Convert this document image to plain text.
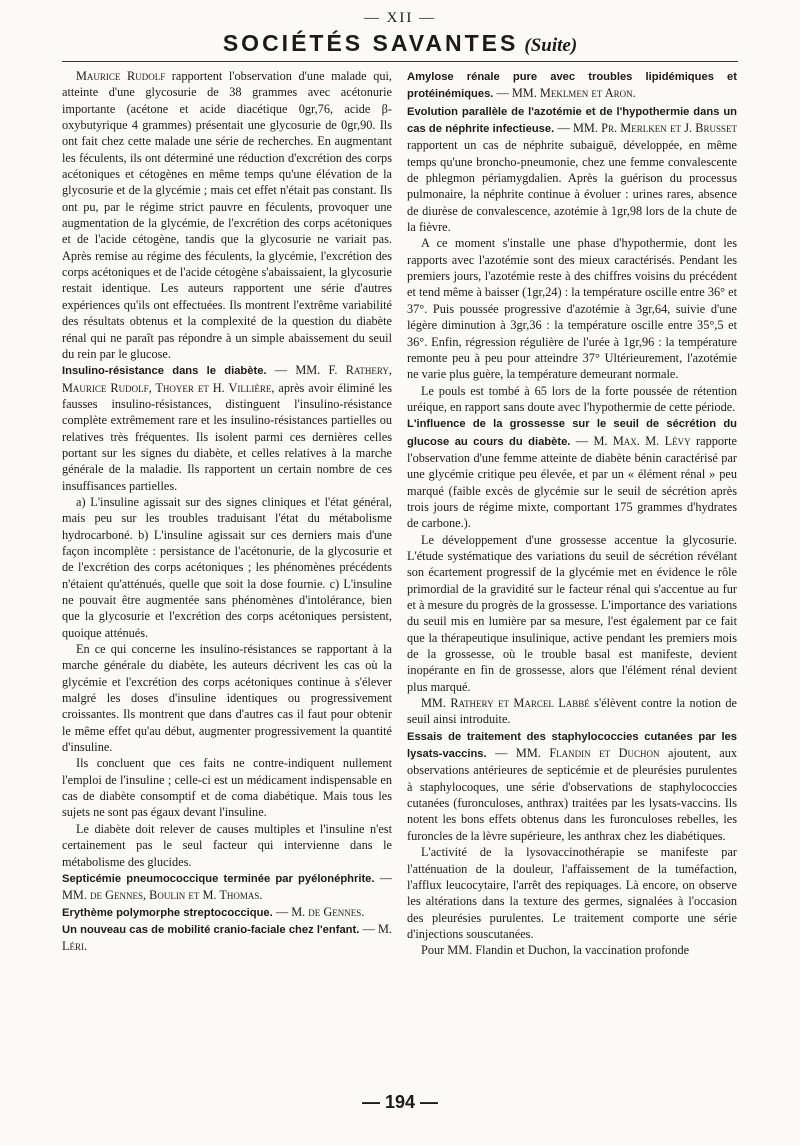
— XII —
SOCIÉTÉS SAVANTES (Suite)

Maurice Rudolf rapportent l'observation d'une malade qui, atteinte d'une glycosurie de 38 grammes avec acétonurie importante (acétone et acide diacétique 0gr,76, acide β-oxybutyrique 4 grammes) présentait une glycosurie de 0gr,90. Ils ont fait chez cette malade une série de recherches. En augmentant les féculents, ils ont déterminé une réduction d'excrétion des corps acétoniques et cétogènes en même temps qu'une élévation de la glycosurie et de la glycémie ; mais cet effet n'était pas constant. Ils ont pu, par le régime strict pauvre en féculents, provoquer une augmentation de la glycémie, de l'excrétion des corps acétoniques et de l'acide cétogène, tandis que la glycosurie ne variait pas. Après remise au régime des féculents, la glycémie, l'excrétion des corps acétoniques et de l'acide cétogène s'abaissaient, la glycosurie restait identique. Les auteurs rapportent une série d'autres expériences qu'ils ont effectuées. Ils montrent l'extrême variabilité des résultats obtenus et la complexité de la question du diabète rénal qui ne paraît pas répondre à un simple abaissement du seuil du rein par le glucose.

Insulino-résistance dans le diabète. — MM. F. Rathery, Maurice Rudolf, Thoyer et H. Villière, après avoir éliminé les fausses insulino-résistances, distinguent l'insulino-résistance complète extrêmement rare et les insulino-résistances partielles ou relatives très fréquentes. Ils isolent parmi ces dernières celles portant sur les signes du diabète, et celles relatives à la marche générale de la maladie. Ils rapportent un certain nombre de ces insuffisances partielles.

a) L'insuline agissait sur des signes cliniques et l'état général, mais peu sur les troubles traduisant l'état du métabolisme hydrocarboné. b) L'insuline agissait sur ces derniers mais d'une façon incomplète : persistance de l'acétonurie, de la glycosurie et de l'excrétion des corps acétoniques ; les phénomènes précédents n'étaient qu'atténués, quelle que soit la dose fournie. c) L'insuline ne pouvait être augmentée sans phénomènes d'intolérance, bien que la glycosurie et l'excrétion des corps acétoniques persistent, quoique atténués.

En ce qui concerne les insulino-résistances se rapportant à la marche générale du diabète, les auteurs décrivent les cas où la glycémie et l'excrétion des corps acétoniques continue à s'élever malgré les doses d'insuline identiques ou progressivement croissantes. Ils montrent que dans d'autres cas il faut pour obtenir le même effet qu'au début, augmenter progressivement la quantité d'insuline.

Ils concluent que ces faits ne contre-indiquent nullement l'emploi de l'insuline ; celle-ci est un médicament indispensable en cas de diabète consomptif et de coma diabétique. Mais tous les sujets ne sont pas égaux devant l'insuline.

Le diabète doit relever de causes multiples et l'insuline n'est certainement pas le seul facteur qui intervienne dans le métabolisme des glucides.

Septicémie pneumococcique terminée par pyélonéphrite. — MM. de Gennes, Boulin et M. Thomas.

Erythème polymorphe streptococcique. — M. de Gennes.

Un nouveau cas de mobilité cranio-faciale chez l'enfant. — M. Léri.

Amylose rénale pure avec troubles lipidémiques et protéinémiques. — MM. Meklmen et Aron.

Evolution parallèle de l'azotémie et de l'hypothermie dans un cas de néphrite infectieuse. — MM. Pr. Merlken et J. Brusset rapportent un cas de néphrite subaiguë, développée, en même temps qu'une broncho-pneumonie, chez une femme convalescente de phlegmon périamygdalien. Après la guérison du processus pulmonaire, la néphrite continue à évoluer : urines rares, absence de diurèse de convalescence, azotémie à 1gr,98 lors de la chute de la fièvre.

A ce moment s'installe une phase d'hypothermie, dont les rapports avec l'azotémie sont des mieux caractérisés. Pendant les premiers jours, l'azotémie reste à des chiffres voisins du précédent et tend même à baisser (1gr,24) : la température oscille entre 36° et 37°. Puis poussée progressive d'azotémie à 3gr,64, suivie d'une légère diminution à 3gr,36 : la température oscille entre 35°,5 et 36°. Enfin, régression régulière de l'urée à 1gr,96 : la température remonte peu à peu pour atteindre 37° Ultérieurement, l'azotémie ne varie plus guère, la température demeurant normale.

Le pouls est tombé à 65 lors de la forte poussée de rétention uréique, en rapport sans doute avec l'hypothermie de cette période.

L'influence de la grossesse sur le seuil de sécrétion du glucose au cours du diabète. — M. Max. M. Lévy rapporte l'observation d'une femme atteinte de diabète bénin caractérisé par une glycémie critique peu élevée, et par un « élément rénal » peu marqué (faible excès de glycémie sur le seuil de sécrétion après trois jours de régime mixte, comportant 175 grammes d'hydrates de carbone.).

Le développement d'une grossesse accentue la glycosurie. L'étude systématique des variations du seuil de sécrétion révélant son écartement progressif de la glycémie met en évidence le rôle primordial de la gravidité sur le facteur rénal qui s'accentue au fur et à mesure du progrès de la grossesse. L'importance des variations du seuil mis en lumière par sa mesure, l'est également par ce fait que la thérapeutique insulinique, active pendant les premiers mois de la grossesse, où le trouble basal est manifeste, devient inopérante en fin de grossesse, alors que l'élément rénal devient plus marqué.

MM. Rathery et Marcel Labbé s'élèvent contre la notion de seuil ainsi introduite.

Essais de traitement des staphylococcies cutanées par les lysats-vaccins. — MM. Flandin et Duchon ajoutent, aux observations antérieures de septicémie et de pleurésies purulentes à staphylocoques, une série d'observations de staphylococcies cutanées (furonculoses, anthrax) traitées par les lysats-vaccins. Ils notent les bons effets obtenus dans les furonculoses rebelles, les furoncles de la lèvre supérieure, les anthrax chez les diabétiques.

L'activité de la lysovaccinothérapie se manifeste par l'atténuation de la douleur, l'affaissement de la tuméfaction, l'afflux leucocytaire, l'arrêt des repiquages. Là encore, on observe les altérations dans la texture des germes, signalées à l'occasion des pleurésies purulentes. Le traitement comporte une série d'injections souscutanées.

Pour MM. Flandin et Duchon, la vaccination profonde

— 194 —
